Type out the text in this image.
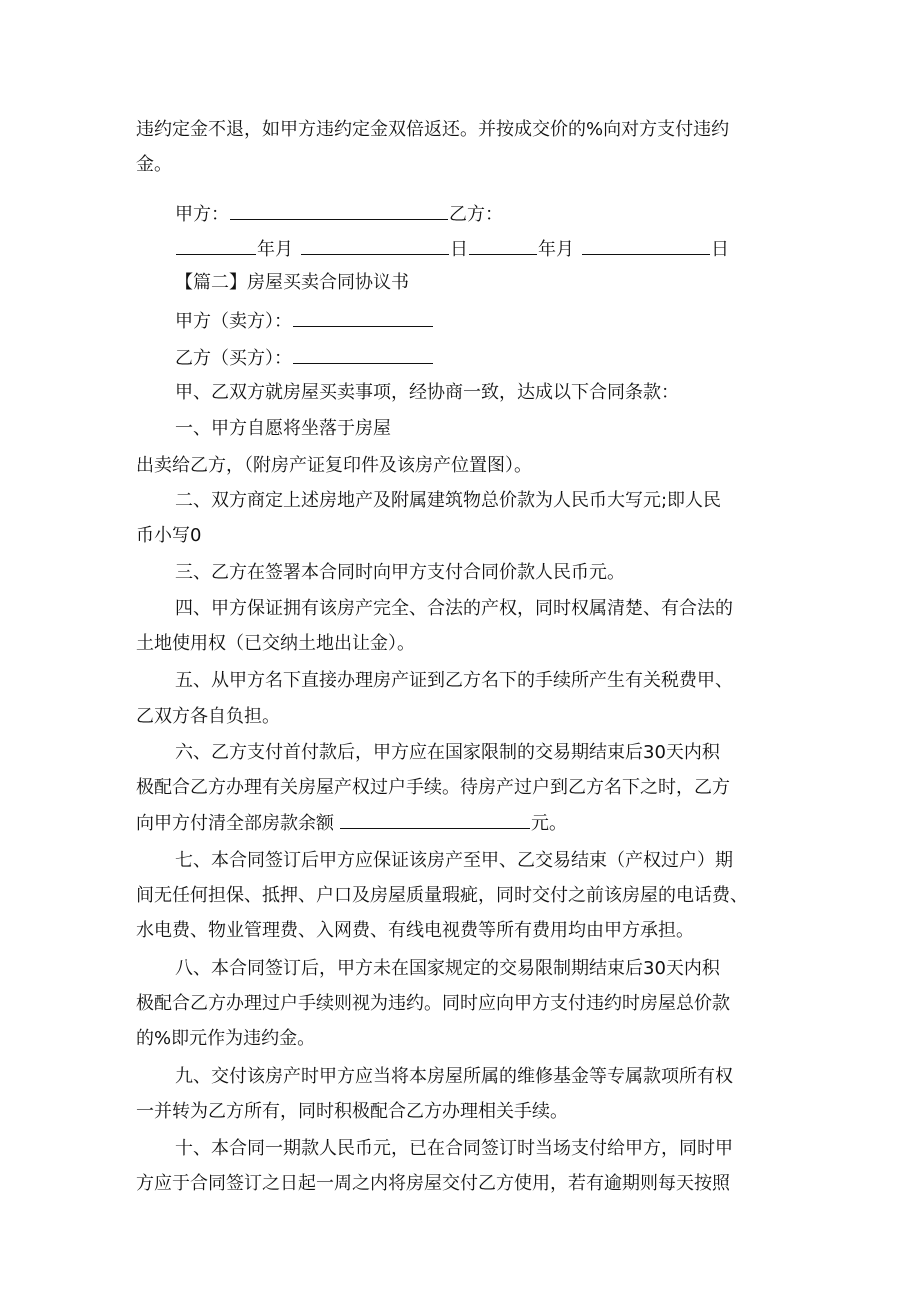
违约定金不退，如甲方违约定金双倍返还。并按成交价的%向对方支付违约
金。
甲方：	乙方：
年月	日	年月	日
【篇二】房屋买卖合同协议书
甲方（卖方）：
乙方（买方）：
甲、乙双方就房屋买卖事项，经协商一致，达成以下合同条款：
一、甲方自愿将坐落于房屋
出卖给乙方，（附房产证复印件及该房产位置图）。
二、双方商定上述房地产及附属建筑物总价款为人民币大写元;即人民
币小写0
三、乙方在签署本合同时向甲方支付合同价款人民币元。
四、甲方保证拥有该房产完全、合法的产权，同时权属清楚、有合法的
土地使用权（已交纳土地出让金）。
五、从甲方名下直接办理房产证到乙方名下的手续所产生有关税费甲、
乙双方各自负担。
六、乙方支付首付款后，甲方应在国家限制的交易期结束后30天内积
极配合乙方办理有关房屋产权过户手续。待房产过户到乙方名下之时，乙方
向甲方付清全部房款余额	元。
七、本合同签订后甲方应保证该房产至甲、乙交易结束（产权过户）期
间无任何担保、抵押、户口及房屋质量瑕疵，同时交付之前该房屋的电话费、
水电费、物业管理费、入网费、有线电视费等所有费用均由甲方承担。
八、本合同签订后，甲方未在国家规定的交易限制期结束后30天内积
极配合乙方办理过户手续则视为违约。同时应向甲方支付违约时房屋总价款
的%即元作为违约金。
九、交付该房产时甲方应当将本房屋所属的维修基金等专属款项所有权
一并转为乙方所有，同时积极配合乙方办理相关手续。
十、本合同一期款人民币元，已在合同签订时当场支付给甲方，同时甲
方应于合同签订之日起一周之内将房屋交付乙方使用，若有逾期则每天按照
